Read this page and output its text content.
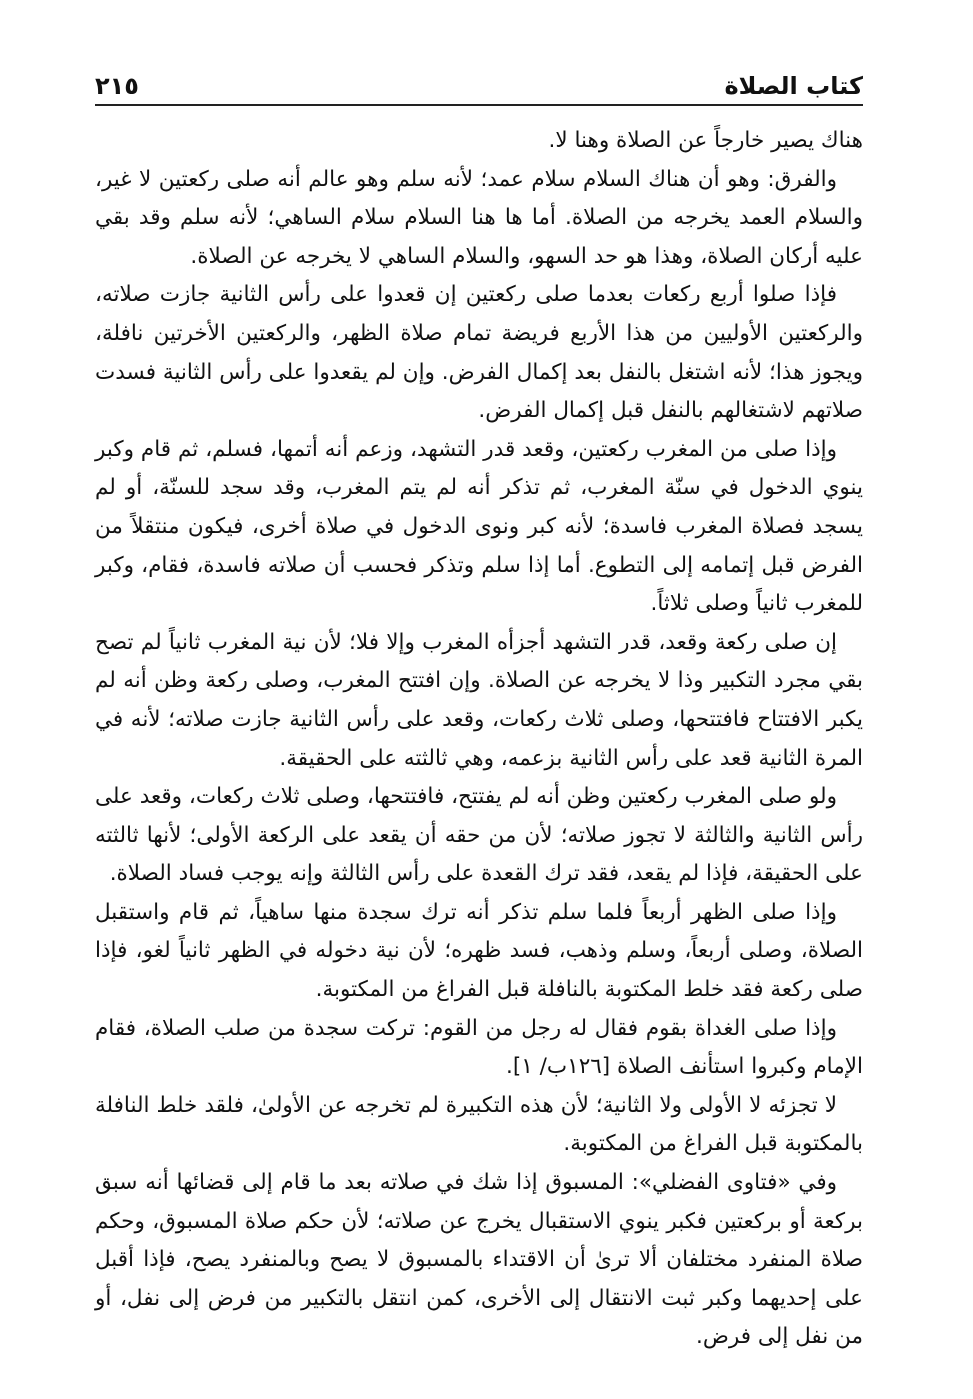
كتاب الصلاة
٢١٥

هناك يصير خارجاً عن الصلاة وهنا لا.

والفرق: وهو أن هناك السلام سلام عمد؛ لأنه سلم وهو عالم أنه صلى ركعتين لا غير، والسلام العمد يخرجه من الصلاة. أما ها هنا السلام سلام الساهي؛ لأنه سلم وقد بقي عليه أركان الصلاة، وهذا هو حد السهو، والسلام الساهي لا يخرجه عن الصلاة.

فإذا صلوا أربع ركعات بعدما صلى ركعتين إن قعدوا على رأس الثانية جازت صلاته، والركعتين الأوليين من هذا الأربع فريضة تمام صلاة الظهر، والركعتين الأخرتين نافلة، ويجوز هذا؛ لأنه اشتغل بالنفل بعد إكمال الفرض. وإن لم يقعدوا على رأس الثانية فسدت صلاتهم لاشتغالهم بالنفل قبل إكمال الفرض.

وإذا صلى من المغرب ركعتين، وقعد قدر التشهد، وزعم أنه أتمها، فسلم، ثم قام وكبر ينوي الدخول في سنّة المغرب، ثم تذكر أنه لم يتم المغرب، وقد سجد للسنّة، أو لم يسجد فصلاة المغرب فاسدة؛ لأنه كبر ونوى الدخول في صلاة أخرى، فيكون منتقلاً من الفرض قبل إتمامه إلى التطوع. أما إذا سلم وتذكر فحسب أن صلاته فاسدة، فقام، وكبر للمغرب ثانياً وصلى ثلاثاً.

إن صلى ركعة وقعد، قدر التشهد أجزأه المغرب وإلا فلا؛ لأن نية المغرب ثانياً لم تصح بقي مجرد التكبير وذا لا يخرجه عن الصلاة. وإن افتتح المغرب، وصلى ركعة وظن أنه لم يكبر الافتتاح فافتتحها، وصلى ثلاث ركعات، وقعد على رأس الثانية جازت صلاته؛ لأنه في المرة الثانية قعد على رأس الثانية بزعمه، وهي ثالثته على الحقيقة.

ولو صلى المغرب ركعتين وظن أنه لم يفتتح، فافتتحها، وصلى ثلاث ركعات، وقعد على رأس الثانية والثالثة لا تجوز صلاته؛ لأن من حقه أن يقعد على الركعة الأولى؛ لأنها ثالثته على الحقيقة، فإذا لم يقعد، فقد ترك القعدة على رأس الثالثة وإنه يوجب فساد الصلاة.

وإذا صلى الظهر أربعاً فلما سلم تذكر أنه ترك سجدة منها ساهياً، ثم قام واستقبل الصلاة، وصلى أربعاً، وسلم وذهب، فسد ظهره؛ لأن نية دخوله في الظهر ثانياً لغو، فإذا صلى ركعة فقد خلط المكتوبة بالنافلة قبل الفراغ من المكتوبة.

وإذا صلى الغداة بقوم فقال له رجل من القوم: تركت سجدة من صلب الصلاة، فقام الإمام وكبروا استأنف الصلاة [١٢٦ب/ ١].

لا تجزئه لا الأولى ولا الثانية؛ لأن هذه التكبيرة لم تخرجه عن الأولىٰ، فلقد خلط النافلة بالمكتوبة قبل الفراغ من المكتوبة.

وفي «فتاوى الفضلي»: المسبوق إذا شك في صلاته بعد ما قام إلى قضائها أنه سبق بركعة أو بركعتين فكبر ينوي الاستقبال يخرج عن صلاته؛ لأن حكم صلاة المسبوق، وحكم صلاة المنفرد مختلفان ألا ترىٰ أن الاقتداء بالمسبوق لا يصح وبالمنفرد يصح، فإذا أقبل على إحديهما وكبر ثبت الانتقال إلى الأخرى، كمن انتقل بالتكبير من فرض إلى نفل، أو من نفل إلى فرض.
